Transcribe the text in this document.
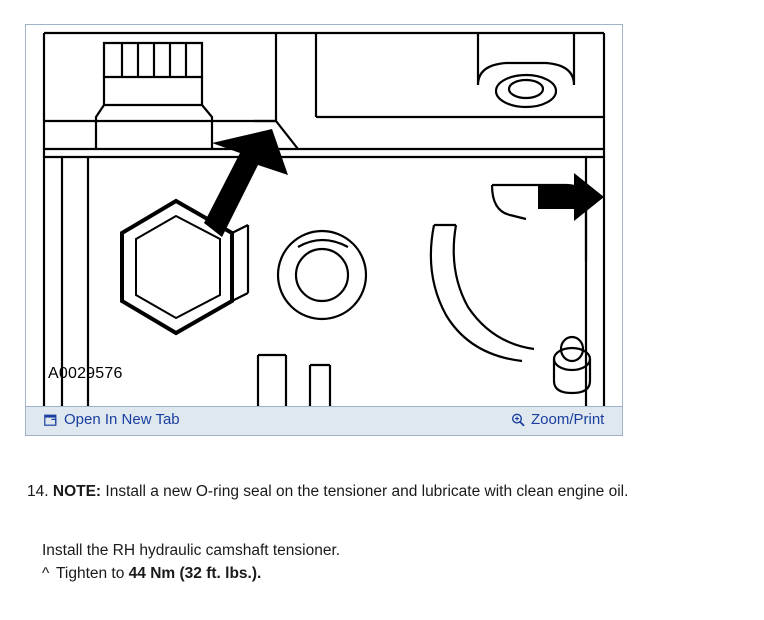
A0029576
Open In New Tab	Zoom/Print
14. NOTE: Install a new O-ring seal on the tensioner and lubricate with clean engine oil.
Install the RH hydraulic camshaft tensioner.
^ Tighten to 44 Nm (32 ft. lbs.).
